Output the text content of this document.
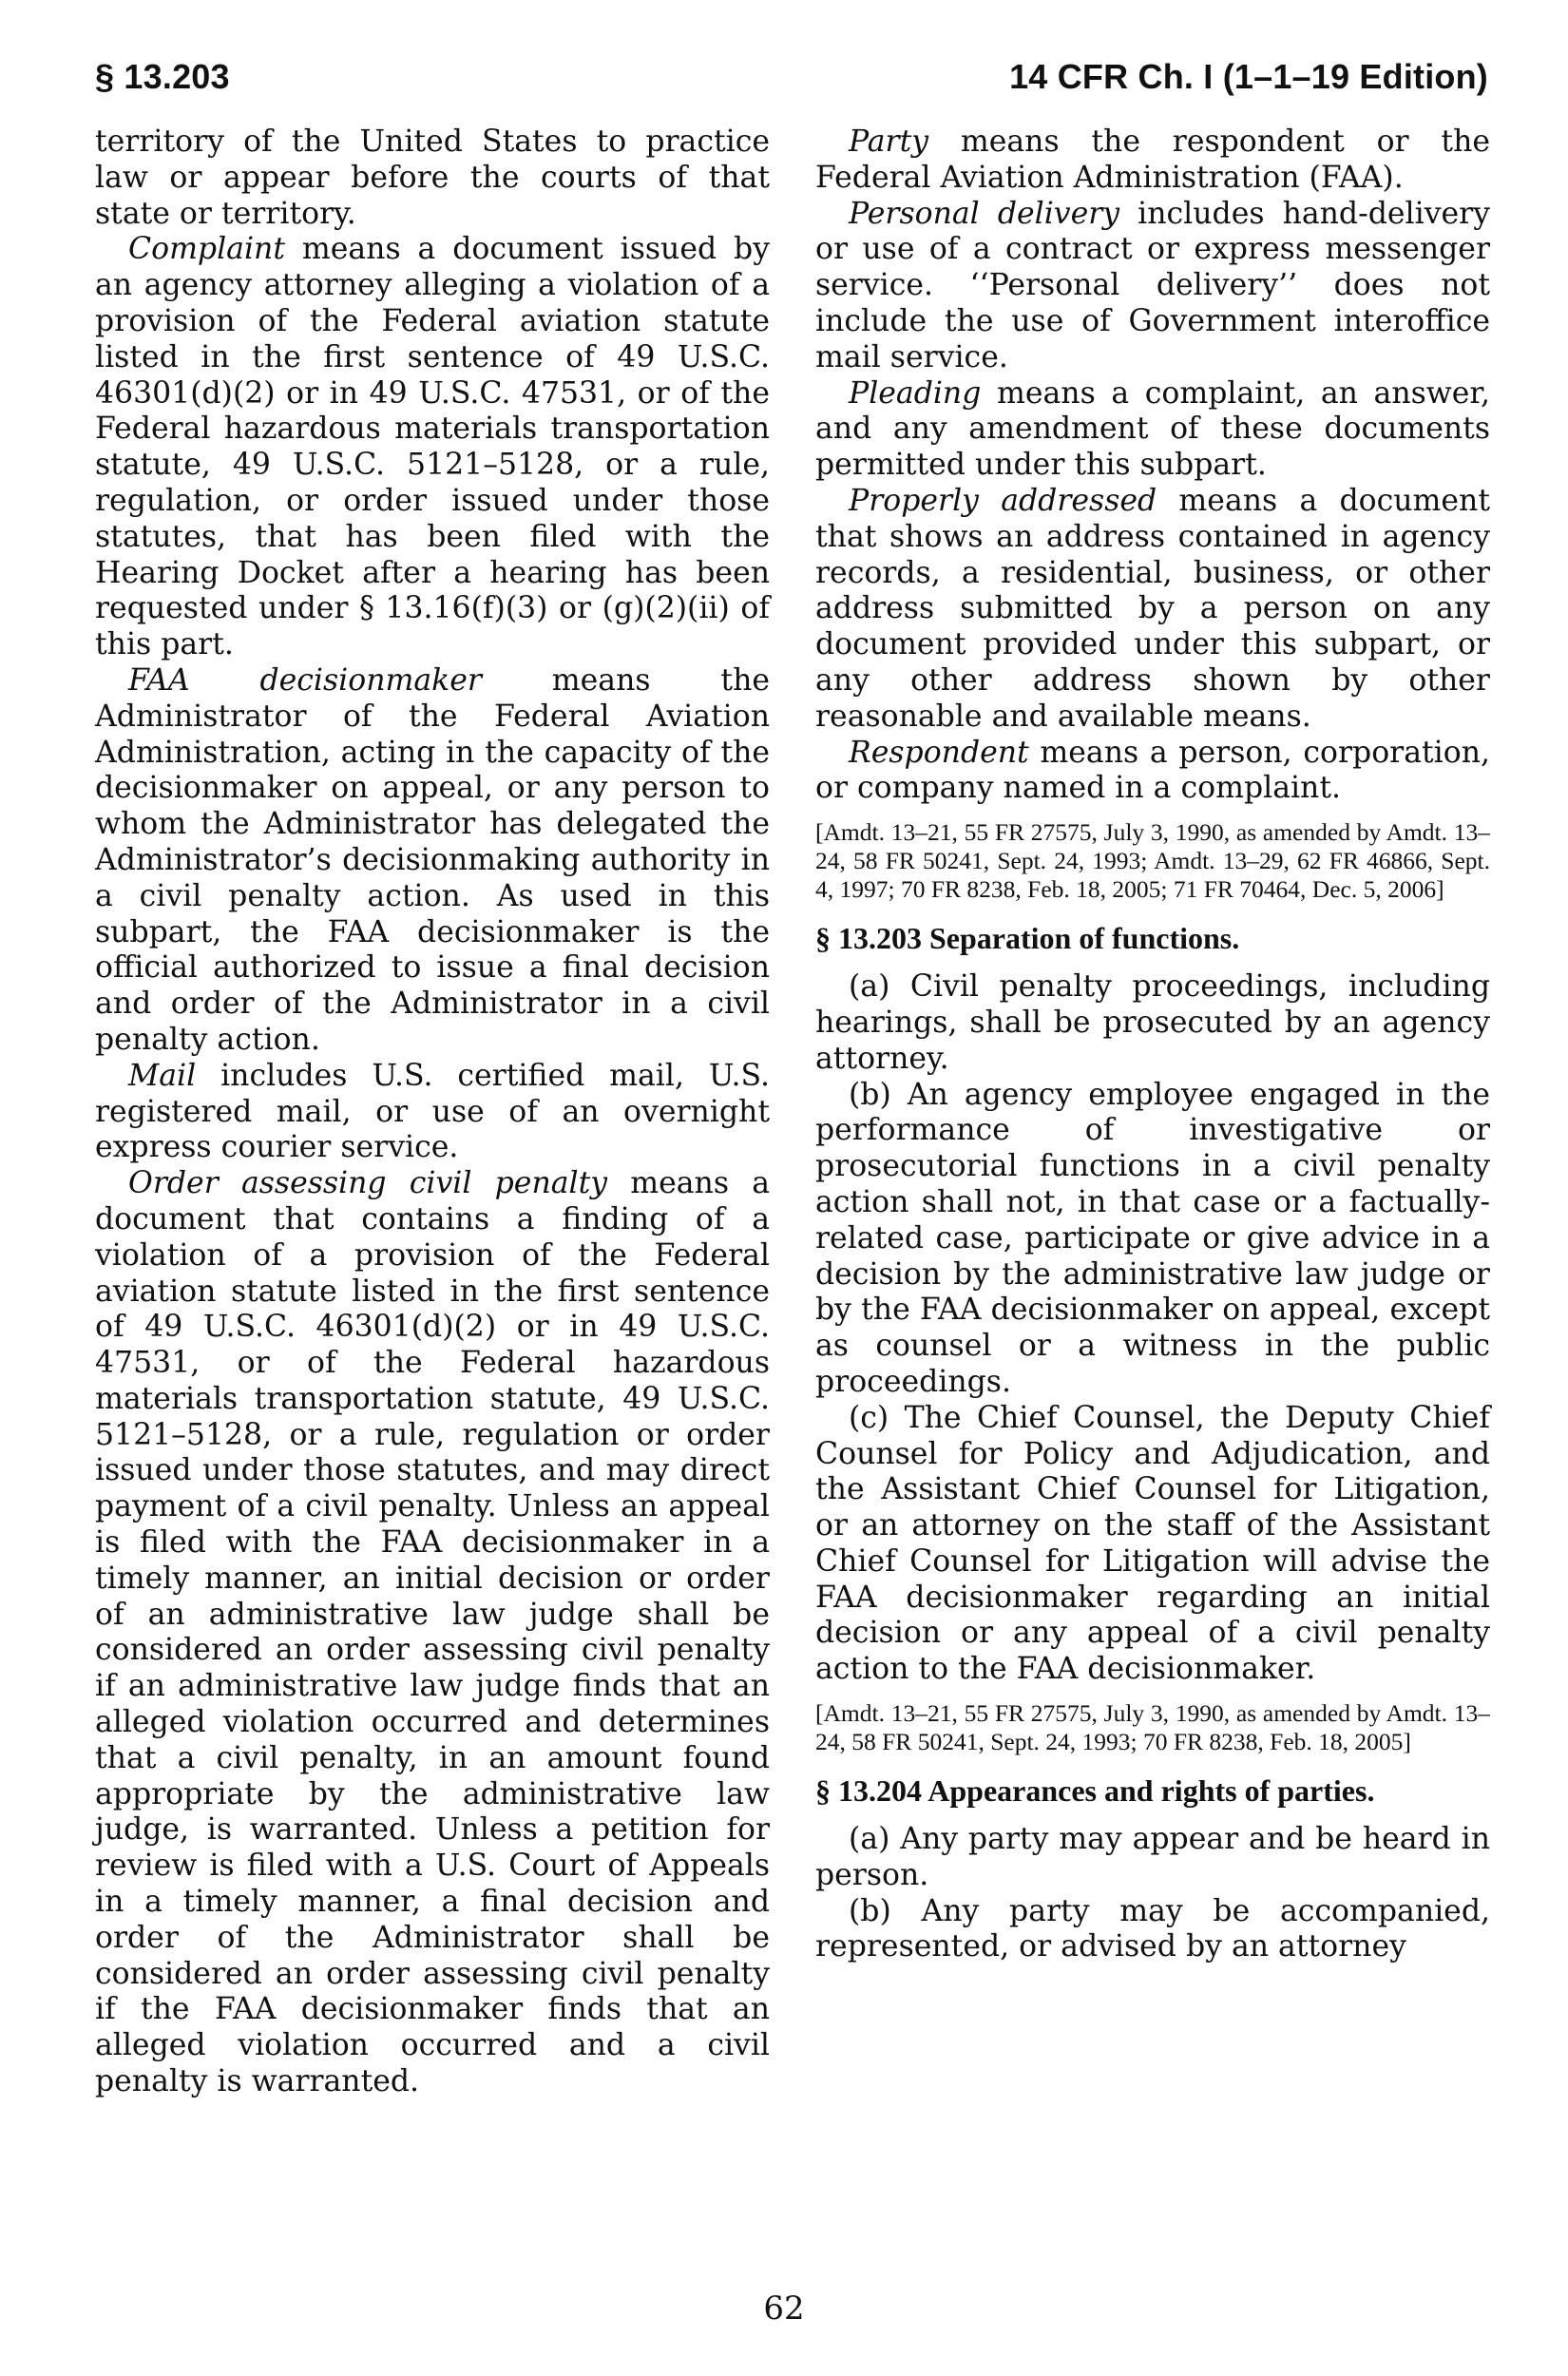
§ 13.203	14 CFR Ch. I (1–1–19 Edition)

territory of the United States to practice law or appear before the courts of that state or territory.

Complaint means a document issued by an agency attorney alleging a violation of a provision of the Federal aviation statute listed in the first sentence of 49 U.S.C. 46301(d)(2) or in 49 U.S.C. 47531, or of the Federal hazardous materials transportation statute, 49 U.S.C. 5121–5128, or a rule, regulation, or order issued under those statutes, that has been filed with the Hearing Docket after a hearing has been requested under § 13.16(f)(3) or (g)(2)(ii) of this part.

FAA decisionmaker means the Administrator of the Federal Aviation Administration, acting in the capacity of the decisionmaker on appeal, or any person to whom the Administrator has delegated the Administrator’s decisionmaking authority in a civil penalty action. As used in this subpart, the FAA decisionmaker is the official authorized to issue a final decision and order of the Administrator in a civil penalty action.

Mail includes U.S. certified mail, U.S. registered mail, or use of an overnight express courier service.

Order assessing civil penalty means a document that contains a finding of a violation of a provision of the Federal aviation statute listed in the first sentence of 49 U.S.C. 46301(d)(2) or in 49 U.S.C. 47531, or of the Federal hazardous materials transportation statute, 49 U.S.C. 5121–5128, or a rule, regulation or order issued under those statutes, and may direct payment of a civil penalty. Unless an appeal is filed with the FAA decisionmaker in a timely manner, an initial decision or order of an administrative law judge shall be considered an order assessing civil penalty if an administrative law judge finds that an alleged violation occurred and determines that a civil penalty, in an amount found appropriate by the administrative law judge, is warranted. Unless a petition for review is filed with a U.S. Court of Appeals in a timely manner, a final decision and order of the Administrator shall be considered an order assessing civil penalty if the FAA decisionmaker finds that an alleged violation occurred and a civil penalty is warranted.

Party means the respondent or the Federal Aviation Administration (FAA).

Personal delivery includes hand-delivery or use of a contract or express messenger service. ‘‘Personal delivery’’ does not include the use of Government interoffice mail service.

Pleading means a complaint, an answer, and any amendment of these documents permitted under this subpart.

Properly addressed means a document that shows an address contained in agency records, a residential, business, or other address submitted by a person on any document provided under this subpart, or any other address shown by other reasonable and available means.

Respondent means a person, corporation, or company named in a complaint.

[Amdt. 13–21, 55 FR 27575, July 3, 1990, as amended by Amdt. 13–24, 58 FR 50241, Sept. 24, 1993; Amdt. 13–29, 62 FR 46866, Sept. 4, 1997; 70 FR 8238, Feb. 18, 2005; 71 FR 70464, Dec. 5, 2006]

§ 13.203 Separation of functions.

(a) Civil penalty proceedings, including hearings, shall be prosecuted by an agency attorney.

(b) An agency employee engaged in the performance of investigative or prosecutorial functions in a civil penalty action shall not, in that case or a factually-related case, participate or give advice in a decision by the administrative law judge or by the FAA decisionmaker on appeal, except as counsel or a witness in the public proceedings.

(c) The Chief Counsel, the Deputy Chief Counsel for Policy and Adjudication, and the Assistant Chief Counsel for Litigation, or an attorney on the staff of the Assistant Chief Counsel for Litigation will advise the FAA decisionmaker regarding an initial decision or any appeal of a civil penalty action to the FAA decisionmaker.

[Amdt. 13–21, 55 FR 27575, July 3, 1990, as amended by Amdt. 13–24, 58 FR 50241, Sept. 24, 1993; 70 FR 8238, Feb. 18, 2005]

§ 13.204 Appearances and rights of parties.

(a) Any party may appear and be heard in person.

(b) Any party may be accompanied, represented, or advised by an attorney

62
